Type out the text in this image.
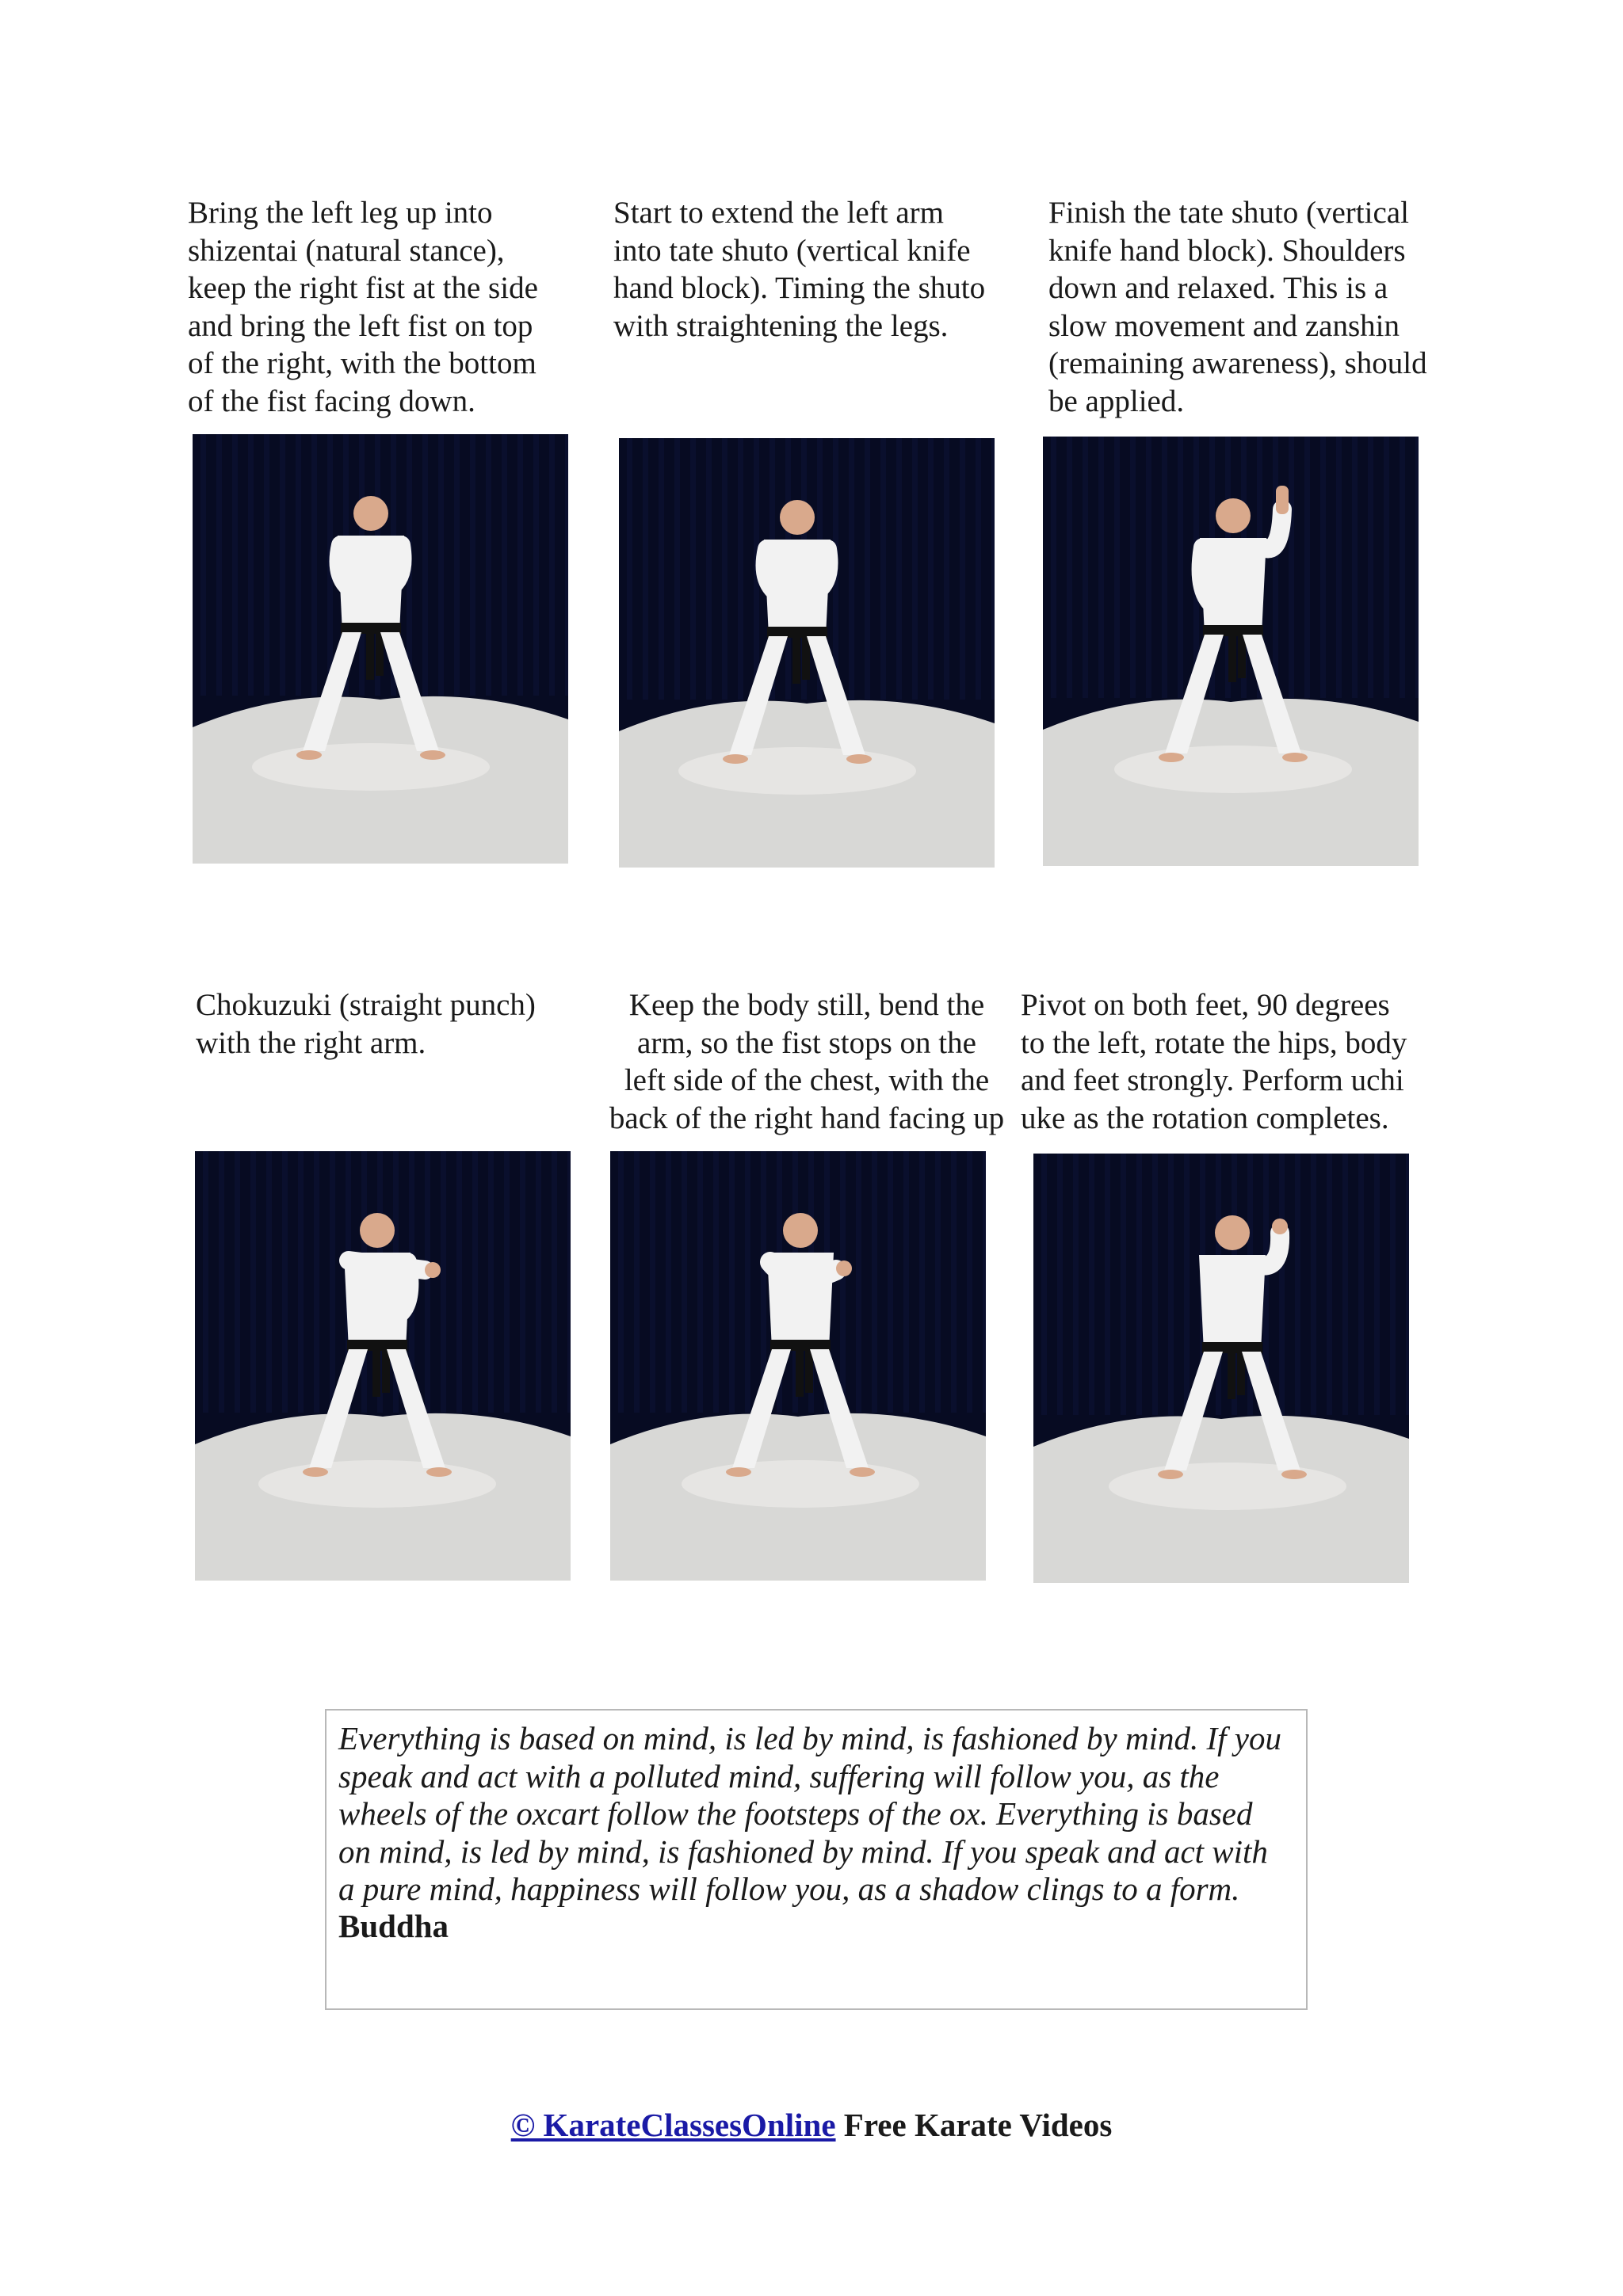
Bring the left leg up into
shizentai (natural stance),
keep the right fist at the side
and bring the left fist on top
of the right, with the bottom
of the fist facing down.
Start to extend the left arm
into tate shuto (vertical knife
hand block). Timing the shuto
with straightening the legs.
Finish the tate shuto (vertical
knife hand block). Shoulders
down and relaxed. This is a
slow movement and zanshin
(remaining awareness), should
be applied.
Chokuzuki (straight punch)
with the right arm.
Keep the body still, bend the
arm, so the fist stops on the
left side of the chest, with the
back of the right hand facing up
Pivot on both feet, 90 degrees
to the left, rotate the hips, body
and feet strongly. Perform uchi
uke as the rotation completes.
Everything is based on mind, is led by mind, is fashioned by mind. If you
speak and act with a polluted mind, suffering will follow you, as the
wheels of the oxcart follow the footsteps of the ox. Everything is based
on mind, is led by mind, is fashioned by mind. If you speak and act with
a pure mind, happiness will follow you, as a shadow clings to a form.
Buddha
© KarateClassesOnline Free Karate Videos
